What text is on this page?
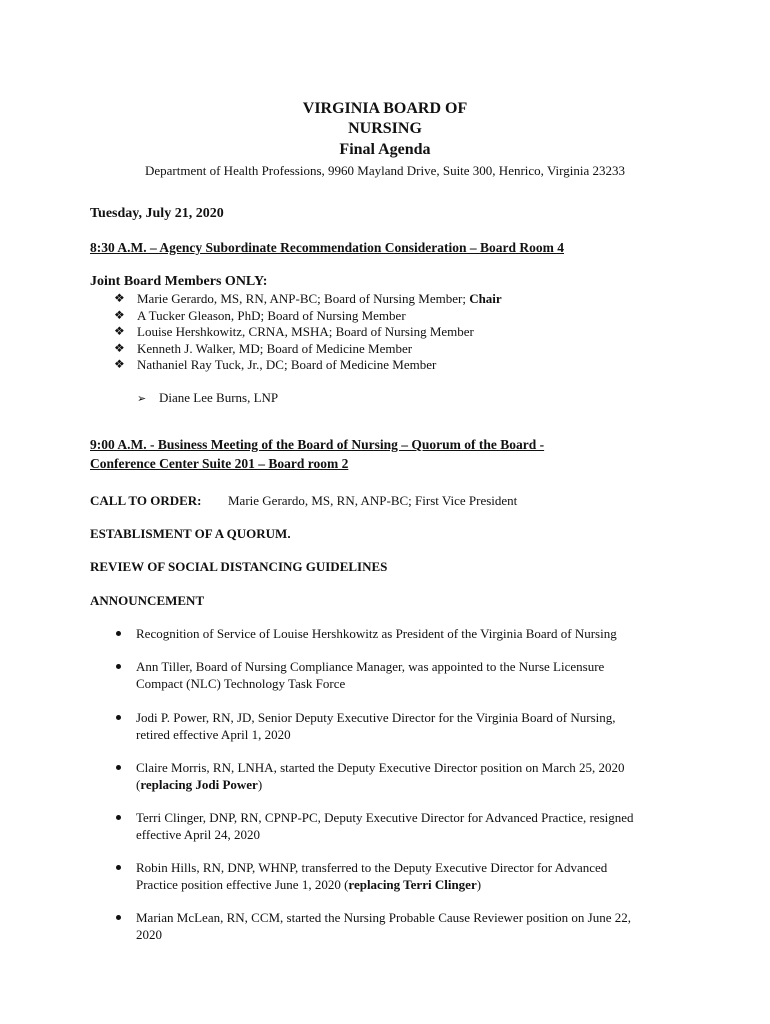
VIRGINIA BOARD OF
NURSING
Final Agenda
Department of Health Professions, 9960 Mayland Drive, Suite 300, Henrico, Virginia 23233
Tuesday, July 21, 2020
8:30 A.M. – Agency Subordinate Recommendation Consideration – Board Room 4
Joint Board Members ONLY:
❖ Marie Gerardo, MS, RN, ANP-BC; Board of Nursing Member; Chair
❖ A Tucker Gleason, PhD; Board of Nursing Member
❖ Louise Hershkowitz, CRNA, MSHA; Board of Nursing Member
❖ Kenneth J. Walker, MD; Board of Medicine Member
❖ Nathaniel Ray Tuck, Jr., DC; Board of Medicine Member
➢ Diane Lee Burns, LNP
9:00 A.M. - Business Meeting of the Board of Nursing – Quorum of the Board -
Conference Center Suite 201 – Board room 2
CALL TO ORDER: Marie Gerardo, MS, RN, ANP-BC; First Vice President
ESTABLISMENT OF A QUORUM.
REVIEW OF SOCIAL DISTANCING GUIDELINES
ANNOUNCEMENT
Recognition of Service of Louise Hershkowitz as President of the Virginia Board of Nursing
Ann Tiller, Board of Nursing Compliance Manager, was appointed to the Nurse Licensure
Compact (NLC) Technology Task Force
Jodi P. Power, RN, JD, Senior Deputy Executive Director for the Virginia Board of Nursing,
retired effective April 1, 2020
Claire Morris, RN, LNHA, started the Deputy Executive Director position on March 25, 2020
(replacing Jodi Power)
Terri Clinger, DNP, RN, CPNP-PC, Deputy Executive Director for Advanced Practice, resigned
effective April 24, 2020
Robin Hills, RN, DNP, WHNP, transferred to the Deputy Executive Director for Advanced
Practice position effective June 1, 2020 (replacing Terri Clinger)
Marian McLean, RN, CCM, started the Nursing Probable Cause Reviewer position on June 22,
2020
